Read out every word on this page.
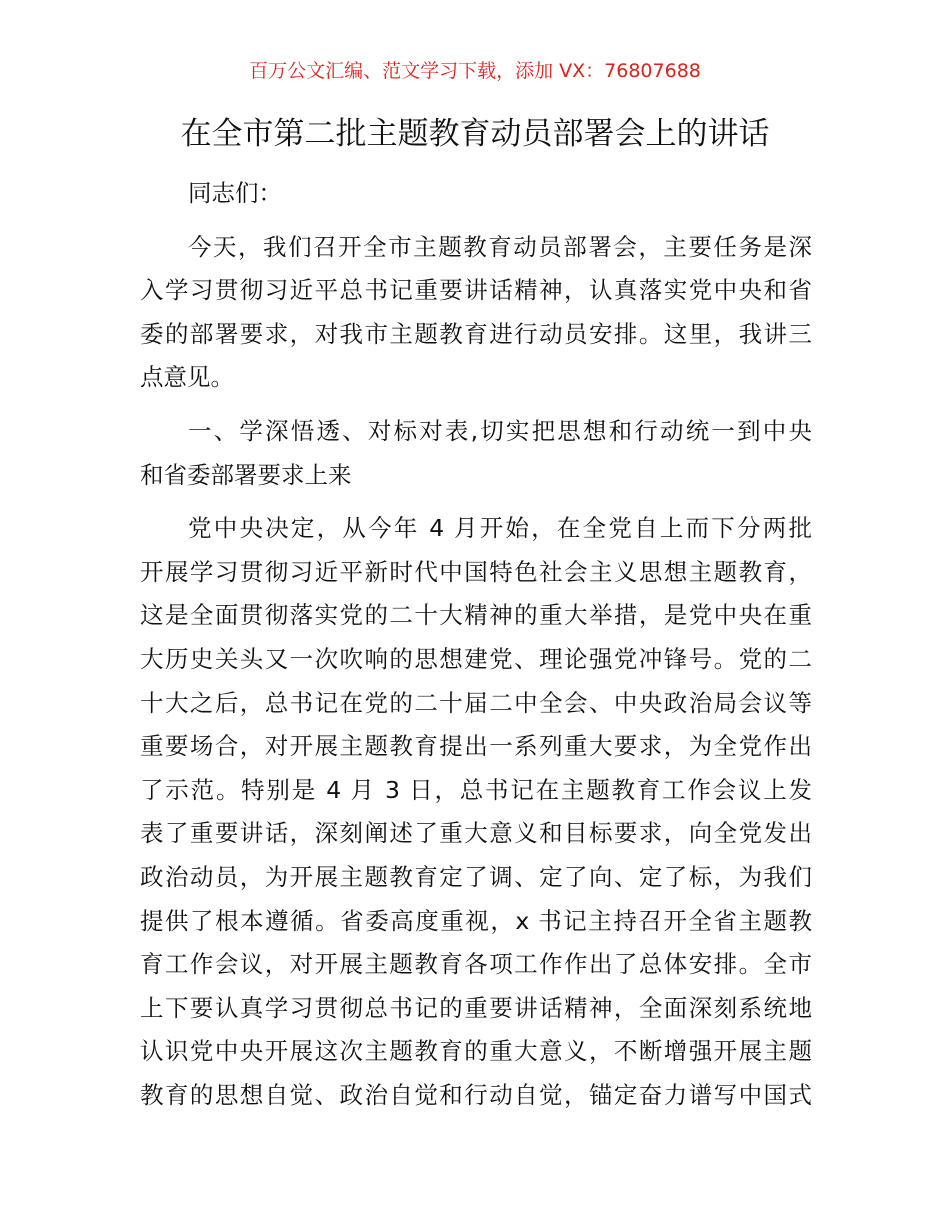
百万公文汇编、范文学习下载，添加 VX：76807688
在全市第二批主题教育动员部署会上的讲话
同志们：
今天，我们召开全市主题教育动员部署会，主要任务是深
入学习贯彻习近平总书记重要讲话精神，认真落实党中央和省
委的部署要求，对我市主题教育进行动员安排。这里，我讲三
点意见。
一、学深悟透、对标对表,切实把思想和行动统一到中央
和省委部署要求上来
党中央决定，从今年 4 月开始，在全党自上而下分两批
开展学习贯彻习近平新时代中国特色社会主义思想主题教育，
这是全面贯彻落实党的二十大精神的重大举措，是党中央在重
大历史关头又一次吹响的思想建党、理论强党冲锋号。党的二
十大之后，总书记在党的二十届二中全会、中央政治局会议等
重要场合，对开展主题教育提出一系列重大要求，为全党作出
了示范。特别是 4 月 3 日，总书记在主题教育工作会议上发
表了重要讲话，深刻阐述了重大意义和目标要求，向全党发出
政治动员，为开展主题教育定了调、定了向、定了标，为我们
提供了根本遵循。省委高度重视，x 书记主持召开全省主题教
育工作会议，对开展主题教育各项工作作出了总体安排。全市
上下要认真学习贯彻总书记的重要讲话精神，全面深刻系统地
认识党中央开展这次主题教育的重大意义，不断增强开展主题
教育的思想自觉、政治自觉和行动自觉，锚定奋力谱写中国式
